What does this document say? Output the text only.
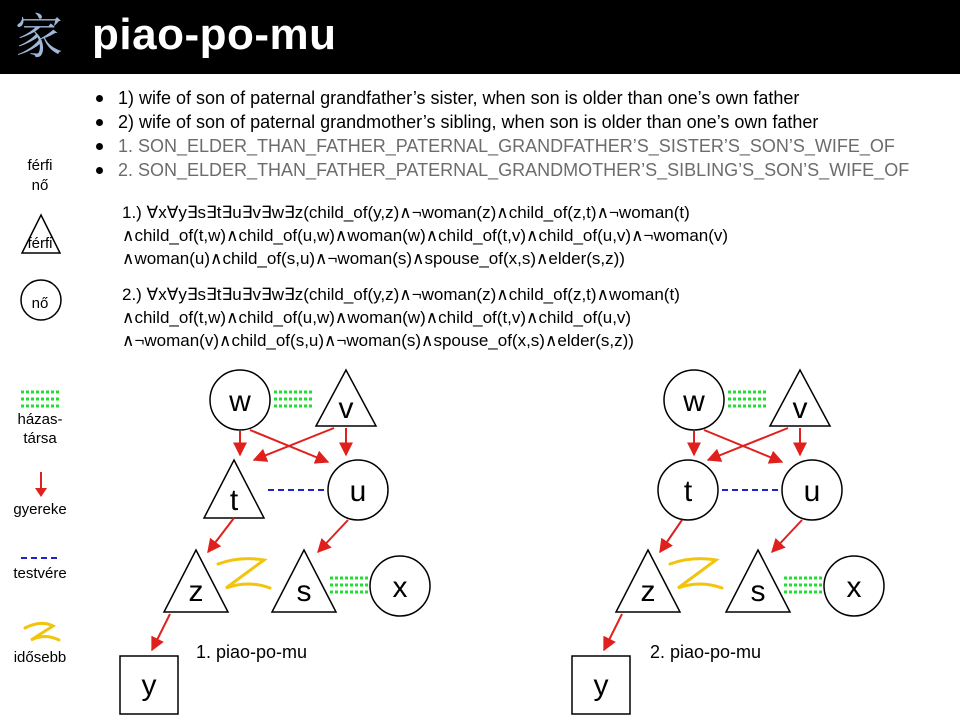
家 piao-po-mu
férfi
nő
férfi
nő
házas-
társa
gyereke
testvére
idősebb
1) wife of son of paternal grandfather’s sister, when son is older than one’s own father
2) wife of son of paternal grandmother’s sibling, when son is older than one’s own father
1. SON_ELDER_THAN_FATHER_PATERNAL_GRANDFATHER’S_SISTER’S_SON’S_WIFE_OF
2. SON_ELDER_THAN_FATHER_PATERNAL_GRANDMOTHER’S_SIBLING’S_SON’S_WIFE_OF
1.) ∀x∀y∃s∃t∃u∃v∃w∃z(child_of(y,z)∧¬woman(z)∧child_of(z,t)∧¬woman(t)
∧child_of(t,w)∧child_of(u,w)∧woman(w)∧child_of(t,v)∧child_of(u,v)∧¬woman(v)
∧woman(u)∧child_of(s,u)∧¬woman(s)∧spouse_of(x,s)∧elder(s,z))
2.) ∀x∀y∃s∃t∃u∃v∃w∃z(child_of(y,z)∧¬woman(z)∧child_of(z,t)∧woman(t)
∧child_of(t,w)∧child_of(u,w)∧woman(w)∧child_of(t,v)∧child_of(u,v)
∧¬woman(v)∧child_of(s,u)∧¬woman(s)∧spouse_of(x,s)∧elder(s,z))
w	v
t	u
z	s	x
y
1. piao-po-mu
w	v
t	u
z	s	x
y
2. piao-po-mu
